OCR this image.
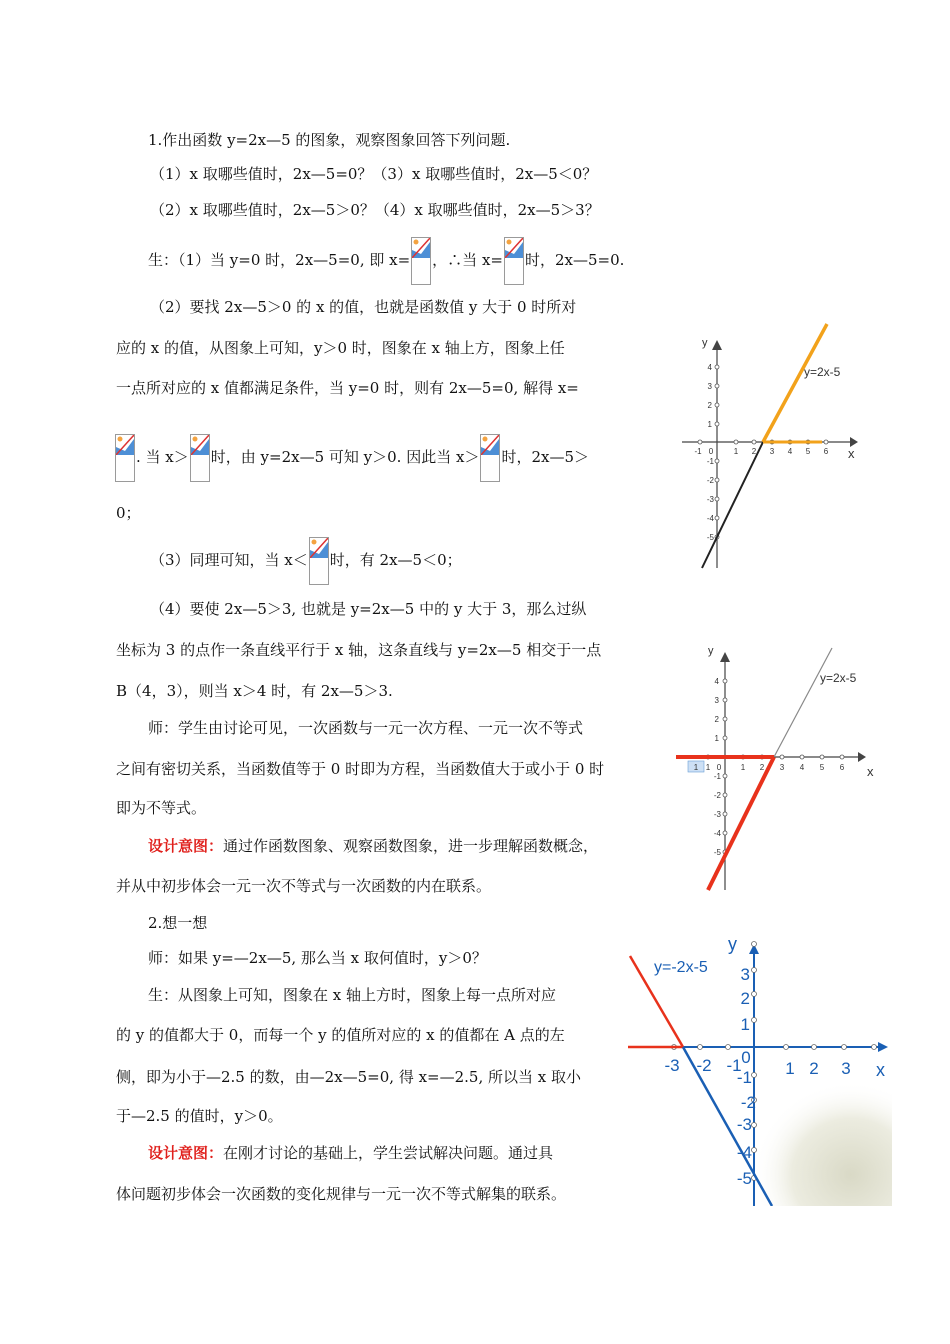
1.作出函数 y=2x—5 的图象，观察图象回答下列问题.
（1）x 取哪些值时，2x—5=0？（3）x 取哪些值时，2x—5＜0？
（2）x 取哪些值时，2x—5＞0？（4）x 取哪些值时，2x—5＞3？
生：（1）当 y=0 时，2x—5=0, 即 x= ，∴当 x= 时，2x—5=0.
（2）要找 2x—5＞0 的 x 的值，也就是函数值 y 大于 0 时所对
应的 x 的值，从图象上可知，y＞0 时，图象在 x 轴上方，图象上任
一点所对应的 x 值都满足条件，当 y=0 时，则有 2x—5=0, 解得 x=
. 当 x＞ 时，由 y=2x—5 可知 y＞0. 因此当 x＞ 时，2x—5＞
0；
（3）同理可知，当 x＜ 时，有 2x—5＜0；
（4）要使 2x—5＞3, 也就是 y=2x—5 中的 y 大于 3，那么过纵
坐标为 3 的点作一条直线平行于 x 轴，这条直线与 y=2x—5 相交于一点
B（4，3），则当 x＞4 时，有 2x—5＞3.
师：学生由讨论可见，一次函数与一元一次方程、一元一次不等式
之间有密切关系，当函数值等于 0 时即为方程，当函数值大于或小于 0 时
即为不等式。
设计意图：通过作函数图象、观察函数图象，进一步理解函数概念，
并从中初步体会一元一次不等式与一次函数的内在联系。
2.想一想
师：如果 y=—2x—5, 那么当 x 取何值时，y＞0？
生：从图象上可知，图象在 x 轴上方时，图象上每一点所对应
的 y 的值都大于 0，而每一个 y 的值所对应的 x 的值都在 A 点的左
侧，即为小于—2.5 的数，由—2x—5=0, 得 x=—2.5, 所以当 x 取小
于—2.5 的值时，y＞0。
设计意图：在刚才讨论的基础上，学生尝试解决问题。通过具
体问题初步体会一次函数的变化规律与一元一次不等式解集的联系。
y
x
y=2x-5
4
3
2
1
-1
-2
-3
-4
-5
-1 0	1 2 3 4 5 6
1
y
x
y=2x-5
4
3
2
1
-1
-2
-3
-4
-5
1 0 1 2 3 4 5 6
y=-2x-5
y
x
3
2
1
-1
-2
-3
-4
-5
-3 -2 -1 0
1 2 3
